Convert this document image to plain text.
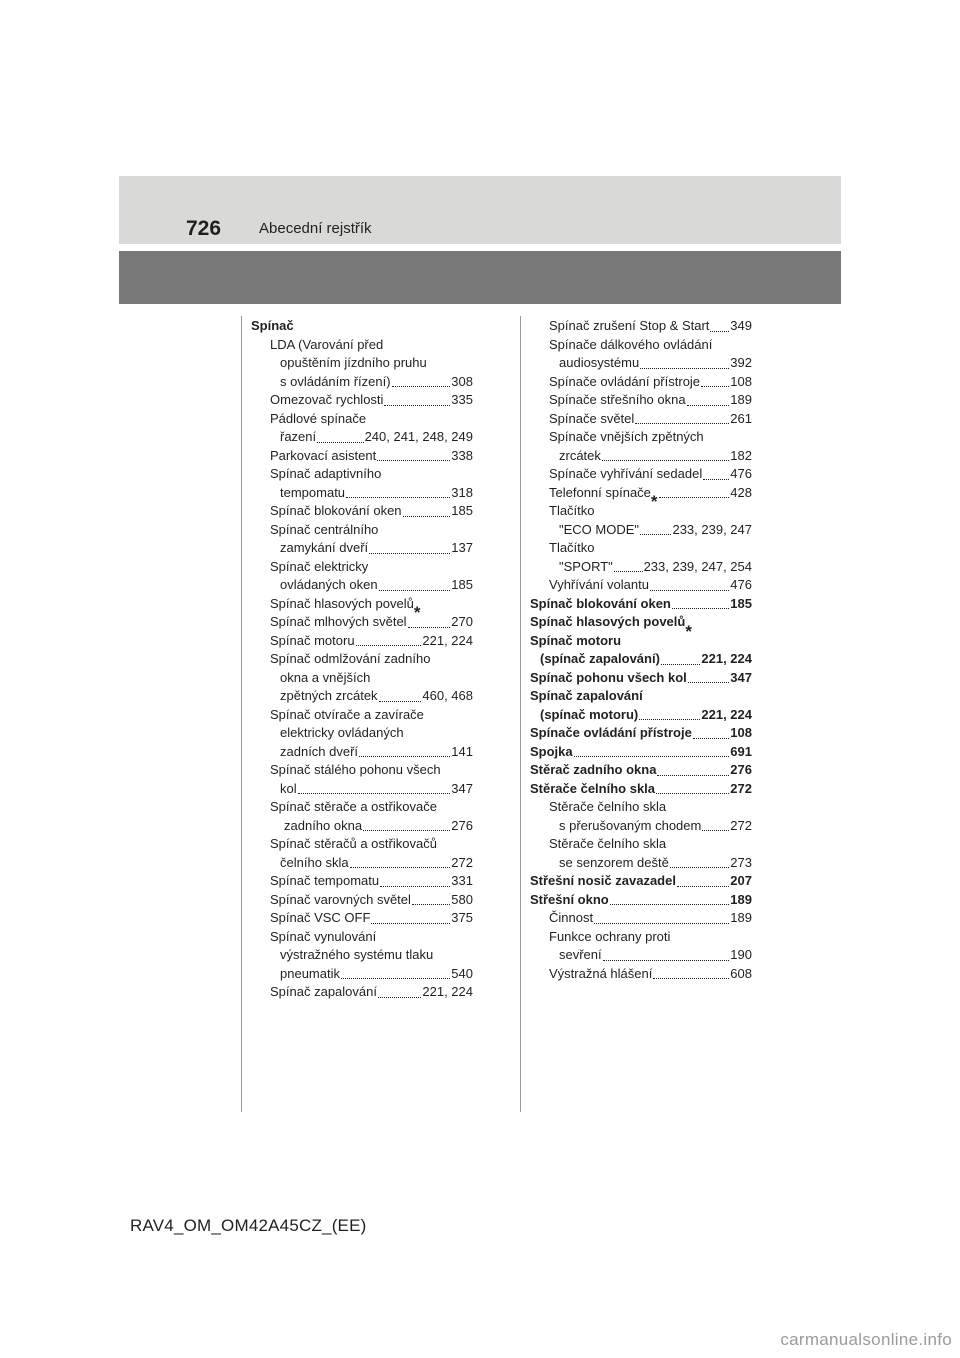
726	Abecední rejstřík
Spínač
LDA (Varování před
opuštěním jízdního pruhu
s ovládáním řízení)	308
Omezovač rychlosti	335
Pádlové spínače
řazení	240, 241, 248, 249
Parkovací asistent	338
Spínač adaptivního
tempomatu	318
Spínač blokování oken	185
Spínač centrálního
zamykání dveří	137
Spínač elektricky
ovládaných oken	185
Spínač hlasových povelů *
Spínač mlhových světel	270
Spínač motoru	221, 224
Spínač odmlžování zadního
okna a vnějších
zpětných zrcátek	460, 468
Spínač otvírače a zavírače
elektricky ovládaných
zadních dveří	141
Spínač stálého pohonu všech
kol	347
Spínač stěrače a ostřikovače
zadního okna	276
Spínač stěračů a ostřikovačů
čelního skla	272
Spínač tempomatu	331
Spínač varovných světel	580
Spínač VSC OFF	375
Spínač vynulování
výstražného systému tlaku
pneumatik	540
Spínač zapalování	221, 224
Spínač zrušení Stop & Start 349
Spínače dálkového ovládání
audiosystému	392
Spínače ovládání přístroje 108
Spínače střešního okna	189
Spínače světel	261
Spínače vnějších zpětných
zrcátek	182
Spínače vyhřívání sedadel 476
Telefonní spínače *	428
Tlačítko
"ECO MODE"	233, 239, 247
Tlačítko
"SPORT" 233, 239, 247, 254
Vyhřívání volantu	476
Spínač blokování oken	185
Spínač hlasových povelů *
Spínač motoru
(spínač zapalování)	221, 224
Spínač pohonu všech kol	347
Spínač zapalování
(spínač motoru)	221, 224
Spínače ovládání přístroje	108
Spojka	691
Stěrač zadního okna	276
Stěrače čelního skla	272
Stěrače čelního skla
s přerušovaným chodem 272
Stěrače čelního skla
se senzorem deště	273
Střešní nosič zavazadel	207
Střešní okno	189
Činnost	189
Funkce ochrany proti
sevření	190
Výstražná hlášení	608
RAV4_OM_OM42A45CZ_(EE)
carmanualsonline.info
